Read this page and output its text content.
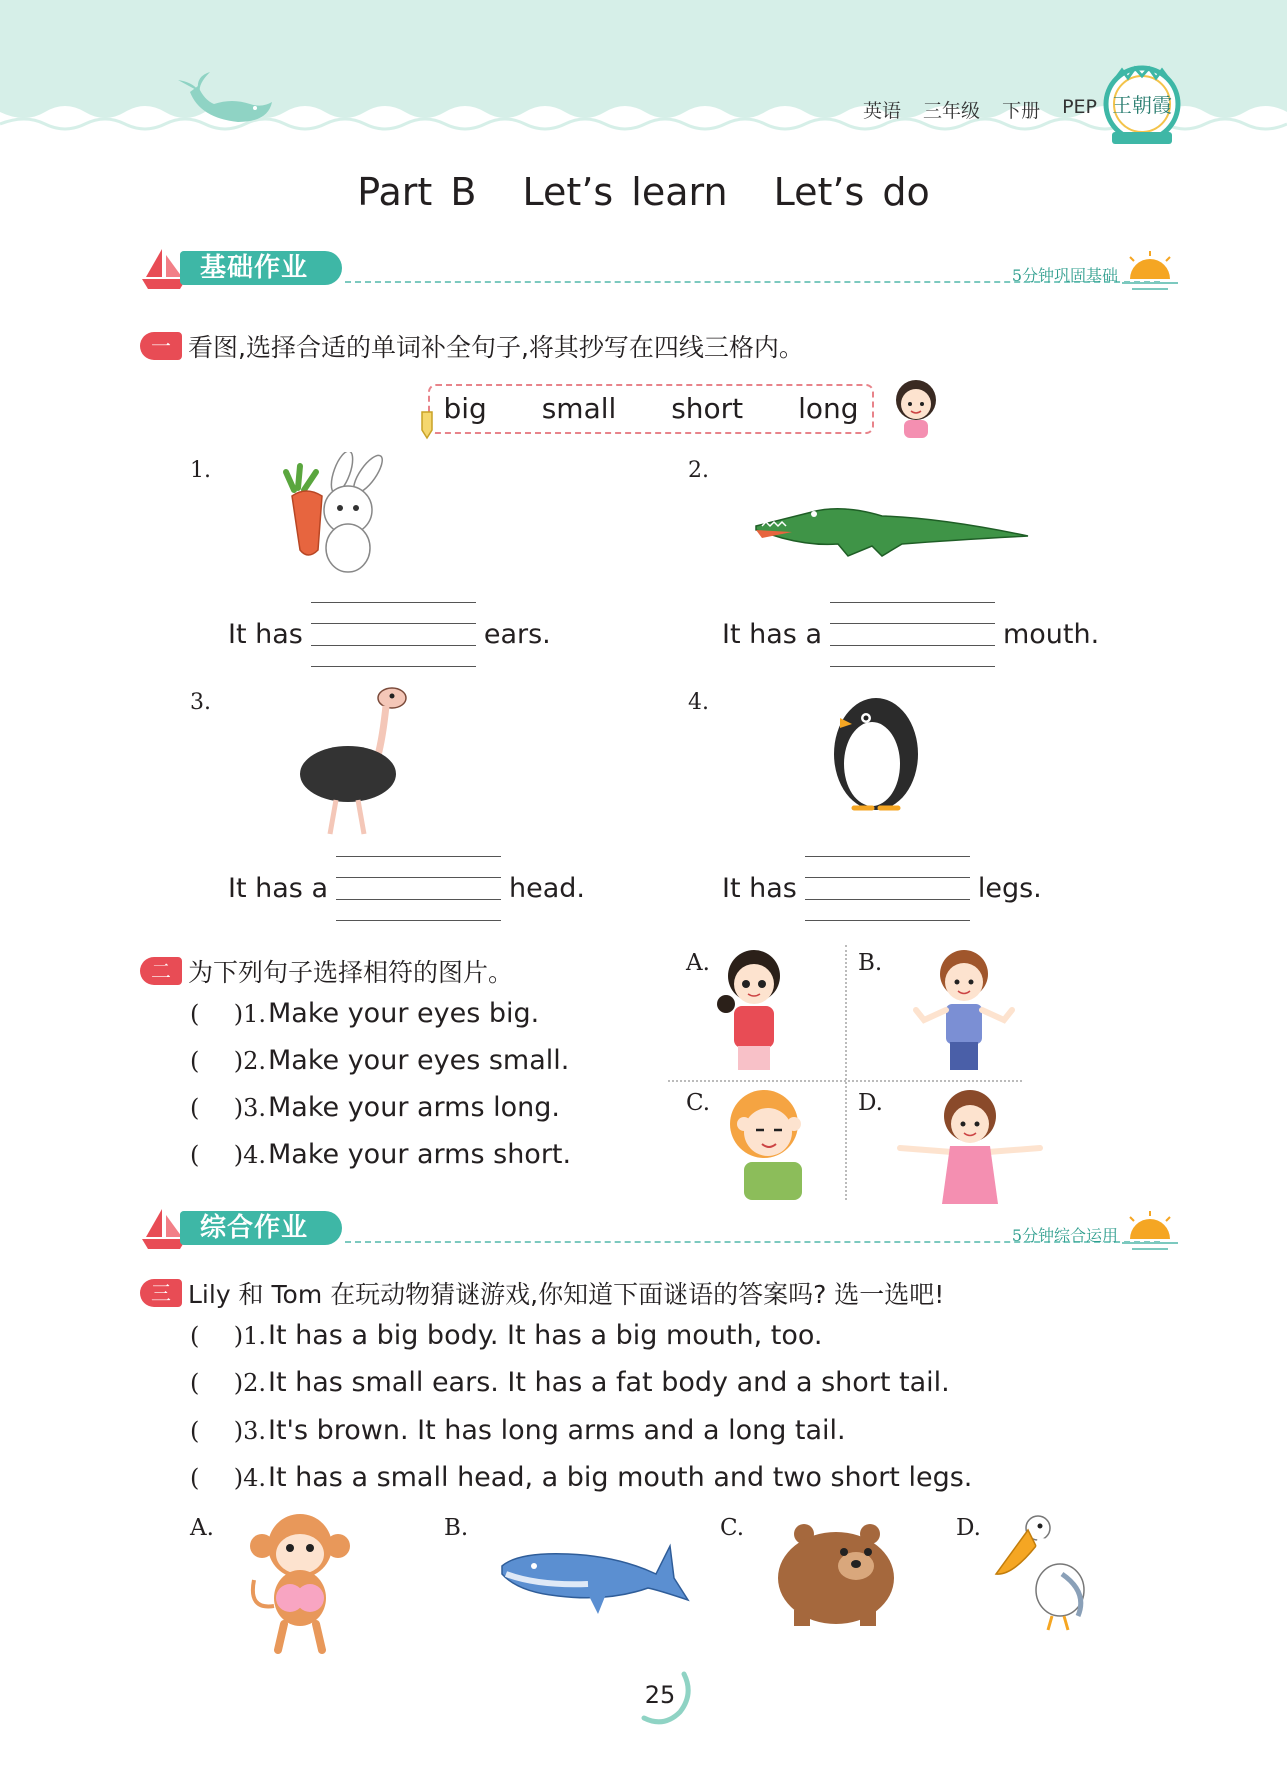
英语 三年级 下册 PEP 王朝霞
Part B Let’s learn Let’s do
基础作业	5分钟巩固基础
一 看图,选择合适的单词补全句子,将其抄写在四线三格内。
big small short long
1.	2.
3.	4.
It has	ears.	It has a	mouth.
It has a	head.	It has	legs.
二 为下列句子选择相符的图片。
( )1. Make your eyes big.
( )2. Make your eyes small.
( )3. Make your arms long.
( )4. Make your arms short.
A.	B.
C.	D.
综合作业	5分钟综合运用
三 Lily 和 Tom 在玩动物猜谜游戏,你知道下面谜语的答案吗? 选一选吧!
( )1. It has a big body. It has a big mouth, too.
( )2. It has small ears. It has a fat body and a short tail.
( )3. It's brown. It has long arms and a long tail.
( )4. It has a small head, a big mouth and two short legs.
A.	B.	C.	D.
25
